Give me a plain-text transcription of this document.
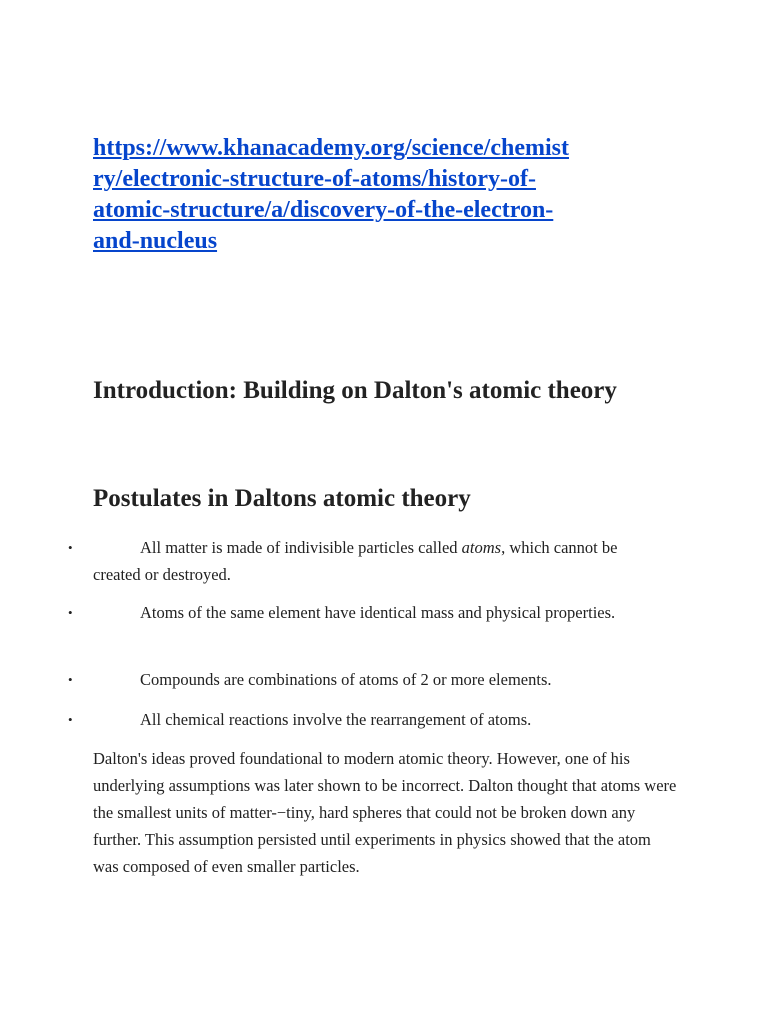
https://www.khanacademy.org/science/chemist
ry/electronic-structure-of-atoms/history-of-
atomic-structure/a/discovery-of-the-electron-
and-nucleus
Introduction: Building on Dalton's atomic theory
Postulates in Daltons atomic theory
•	All matter is made of indivisible particles called atoms, which cannot be created or destroyed.
•	Atoms of the same element have identical mass and physical properties.
•	Compounds are combinations of atoms of 2 or more elements.
•	All chemical reactions involve the rearrangement of atoms.

Dalton's ideas proved foundational to modern atomic theory. However, one of his underlying assumptions was later shown to be incorrect. Dalton thought that atoms were the smallest units of matter-−tiny, hard spheres that could not be broken down any further. This assumption persisted until experiments in physics showed that the atom was composed of even smaller particles.
